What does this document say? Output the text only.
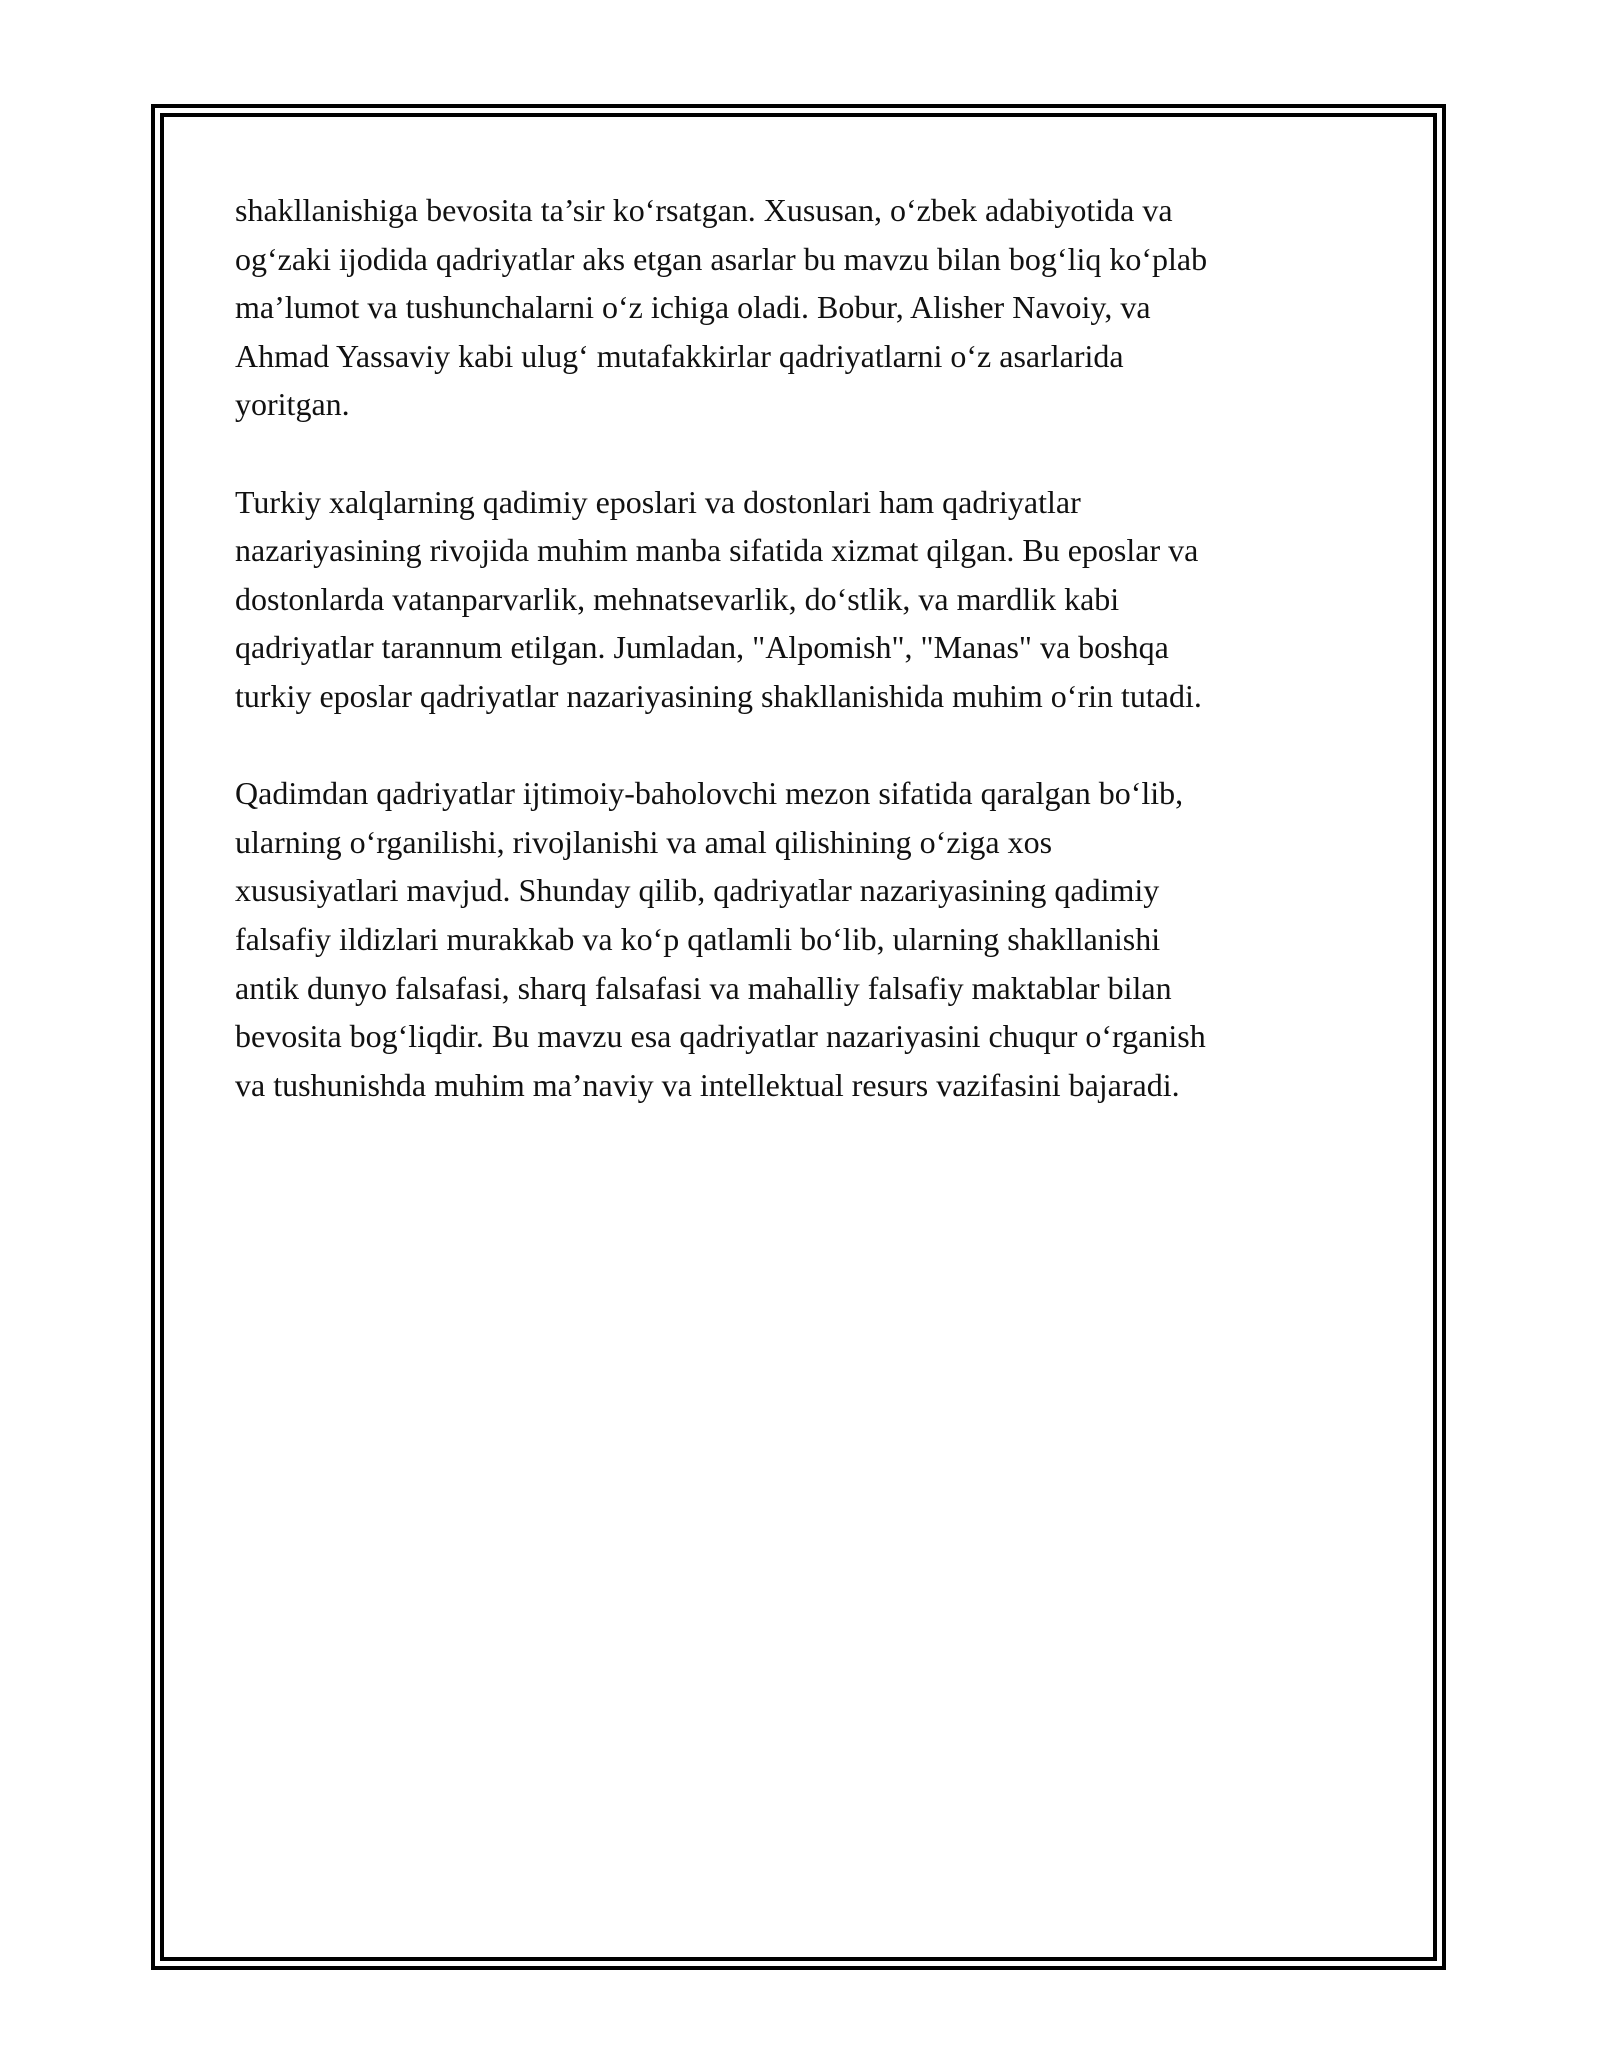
shakllanishiga bevosita ta’sir ko‘rsatgan. Xususan, o‘zbek adabiyotida va
og‘zaki ijodida qadriyatlar aks etgan asarlar bu mavzu bilan bog‘liq ko‘plab
ma’lumot va tushunchalarni o‘z ichiga oladi. Bobur, Alisher Navoiy, va
Ahmad Yassaviy kabi ulug‘ mutafakkirlar qadriyatlarni o‘z asarlarida
yoritgan.
Turkiy xalqlarning qadimiy eposlari va dostonlari ham qadriyatlar
nazariyasining rivojida muhim manba sifatida xizmat qilgan. Bu eposlar va
dostonlarda vatanparvarlik, mehnatsevarlik, do‘stlik, va mardlik kabi
qadriyatlar tarannum etilgan. Jumladan, "Alpomish", "Manas" va boshqa
turkiy eposlar qadriyatlar nazariyasining shakllanishida muhim o‘rin tutadi.
Qadimdan qadriyatlar ijtimoiy-baholovchi mezon sifatida qaralgan bo‘lib,
ularning o‘rganilishi, rivojlanishi va amal qilishining o‘ziga xos
xususiyatlari mavjud. Shunday qilib, qadriyatlar nazariyasining qadimiy
falsafiy ildizlari murakkab va ko‘p qatlamli bo‘lib, ularning shakllanishi
antik dunyo falsafasi, sharq falsafasi va mahalliy falsafiy maktablar bilan
bevosita bog‘liqdir. Bu mavzu esa qadriyatlar nazariyasini chuqur o‘rganish
va tushunishda muhim ma’naviy va intellektual resurs vazifasini bajaradi.
